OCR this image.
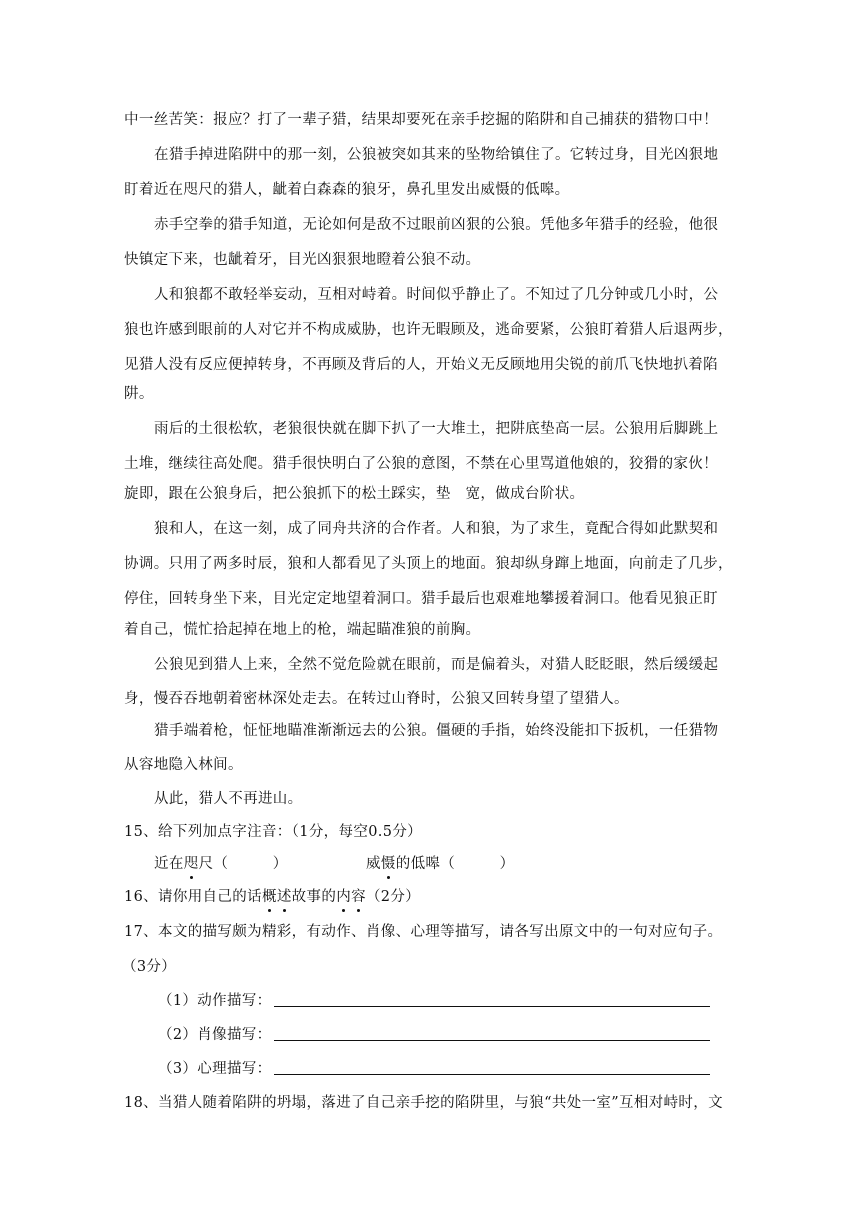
中一丝苦笑：报应？打了一辈子猎，结果却要死在亲手挖掘的陷阱和自己捕获的猎物口中！
在猎手掉进陷阱中的那一刻，公狼被突如其来的坠物给镇住了。它转过身，目光凶狠地
盯着近在咫尺的猎人，龇着白森森的狼牙，鼻孔里发出威慑的低嗥。
赤手空拳的猎手知道，无论如何是敌不过眼前凶狠的公狼。凭他多年猎手的经验，他很
快镇定下来，也龇着牙，目光凶狠狠地瞪着公狼不动。
人和狼都不敢轻举妄动，互相对峙着。时间似乎静止了。不知过了几分钟或几小时，公
狼也许感到眼前的人对它并不构成威胁，也许无暇顾及，逃命要紧，公狼盯着猎人后退两步，
见猎人没有反应便掉转身，不再顾及背后的人，开始义无反顾地用尖锐的前爪飞快地扒着陷
阱。
雨后的土很松软，老狼很快就在脚下扒了一大堆土，把阱底垫高一层。公狼用后脚跳上
土堆，继续往高处爬。猎手很快明白了公狼的意图，不禁在心里骂道他娘的，狡猾的家伙！
旋即，跟在公狼身后，把公狼抓下的松土踩实，垫　宽，做成台阶状。
狼和人，在这一刻，成了同舟共济的合作者。人和狼，为了求生，竟配合得如此默契和
协调。只用了两多时辰，狼和人都看见了头顶上的地面。狼却纵身蹿上地面，向前走了几步，
停住，回转身坐下来，目光定定地望着洞口。猎手最后也艰难地攀援着洞口。他看见狼正盯
着自己，慌忙拾起掉在地上的枪，端起瞄准狼的前胸。
公狼见到猎人上来，全然不觉危险就在眼前，而是偏着头，对猎人眨眨眼，然后缓缓起
身，慢吞吞地朝着密林深处走去。在转过山脊时，公狼又回转身望了望猎人。
猎手端着枪，怔怔地瞄准渐渐远去的公狼。僵硬的手指，始终没能扣下扳机，一任猎物
从容地隐入林间。
从此，猎人不再进山。
15、给下列加点字注音：（1分，每空0.5分）
近在咫尺（　　　）	威慑的低嗥（　　　）
16、请你用自己的话概述故事的内容（2分）
17、本文的描写颇为精彩，有动作、肖像、心理等描写，请各写出原文中的一句对应句子。
（3分）
（1）动作描写：
（2）肖像描写：
（3）心理描写：
18、当猎人随着陷阱的坍塌，落进了自己亲手挖的陷阱里，与狼“共处一室”互相对峙时，文
